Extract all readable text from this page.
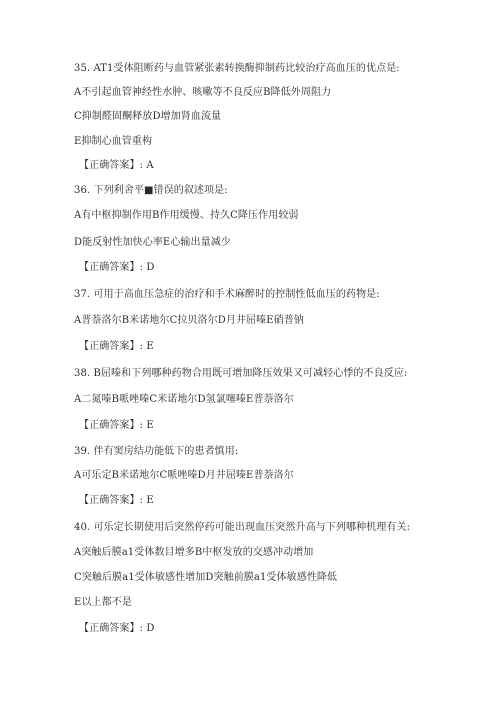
35. AT1受体阻断药与血管紧张素转换酶抑制药比较治疗高血压的优点是:
A不引起血管神经性水肿、咳嗽等不良反应B降低外周阻力
C抑制醛固酮释放D增加肾血流量
E抑制心血管重构
【正确答案】: A
36. 下列利舍平■错误的叙述项是:
A有中枢抑制作用B作用缓慢、持久C降压作用较弱
D能反射性加快心率E心输出量减少
【正确答案】: D
37. 可用于高血压急症的治疗和手术麻醉时的控制性低血压的药物是:
A普萘洛尔B米诺地尔C拉贝洛尔D月井屈嗪E硝普钠
【正确答案】: E
38. B屈嗪和下列哪种药物合用既可增加降压效果又可减轻心悸的不良反应:
A二氮嗪B哌唑嗪C米诺地尔D氢氯噻嗪E普萘洛尔
【正确答案】: E
39. 伴有窦房结功能低下的患者慎用:
A可乐定B米诺地尔C哌唑嗪D月井屈嗪E普萘洛尔
【正确答案】: E
40. 可乐定长期使用后突然停药可能出现血压突然升高与下列哪种机理有关:
A突触后膜a1受体数目增多B中枢发放的交感冲动增加
C突触后膜a1受体敏感性增加D突触前膜a1受体敏感性降低
E以上都不是
【正确答案】: D
